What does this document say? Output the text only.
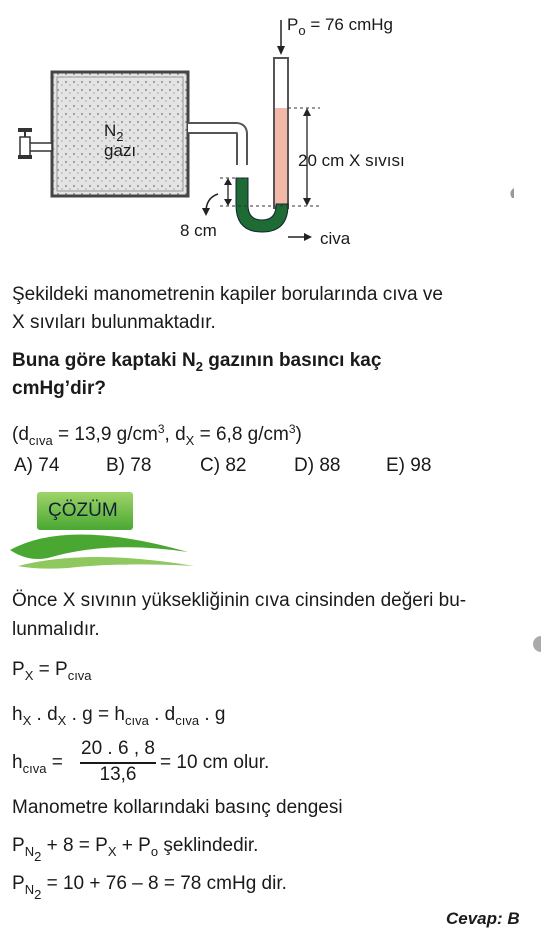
$P_o = 76$ cmHg
$N_2$
gazı
20 cm X sıvısı
8 cm	civa
Şekildeki manometrenin kapiler borularında cıva ve
X sıvıları bulunmaktadır.
Buna göre kaptaki $N_2$ gazının basıncı kaç
cmHg’dir?
($d_{cıva} = 13,9$ $g/cm^3$, $d_X = 6,8$ $g/cm^3$)
A) 74 B) 78	C) 82	D) 88 E) 98
ÇÖZÜM
Önce X sıvının yüksekliğinin cıva cinsinden değeri bu-
lunmalıdır.
$P_X = P_{cıva}$
$h_X$ . $d_X$ . $g = h_{cıva}$ . $d_{cıva}$ . g
$h_{cıva}$ =
20 . 6 , 8
13,6
= 10 cm olur.
Manometre kollarındaki basınç dengesi
$P_{N_2} + 8 = P_X + P_o$ şeklindedir.
$P_{N_2} = 10 + 76 - 8 = 78$ cmHg dir.
Cevap: B
